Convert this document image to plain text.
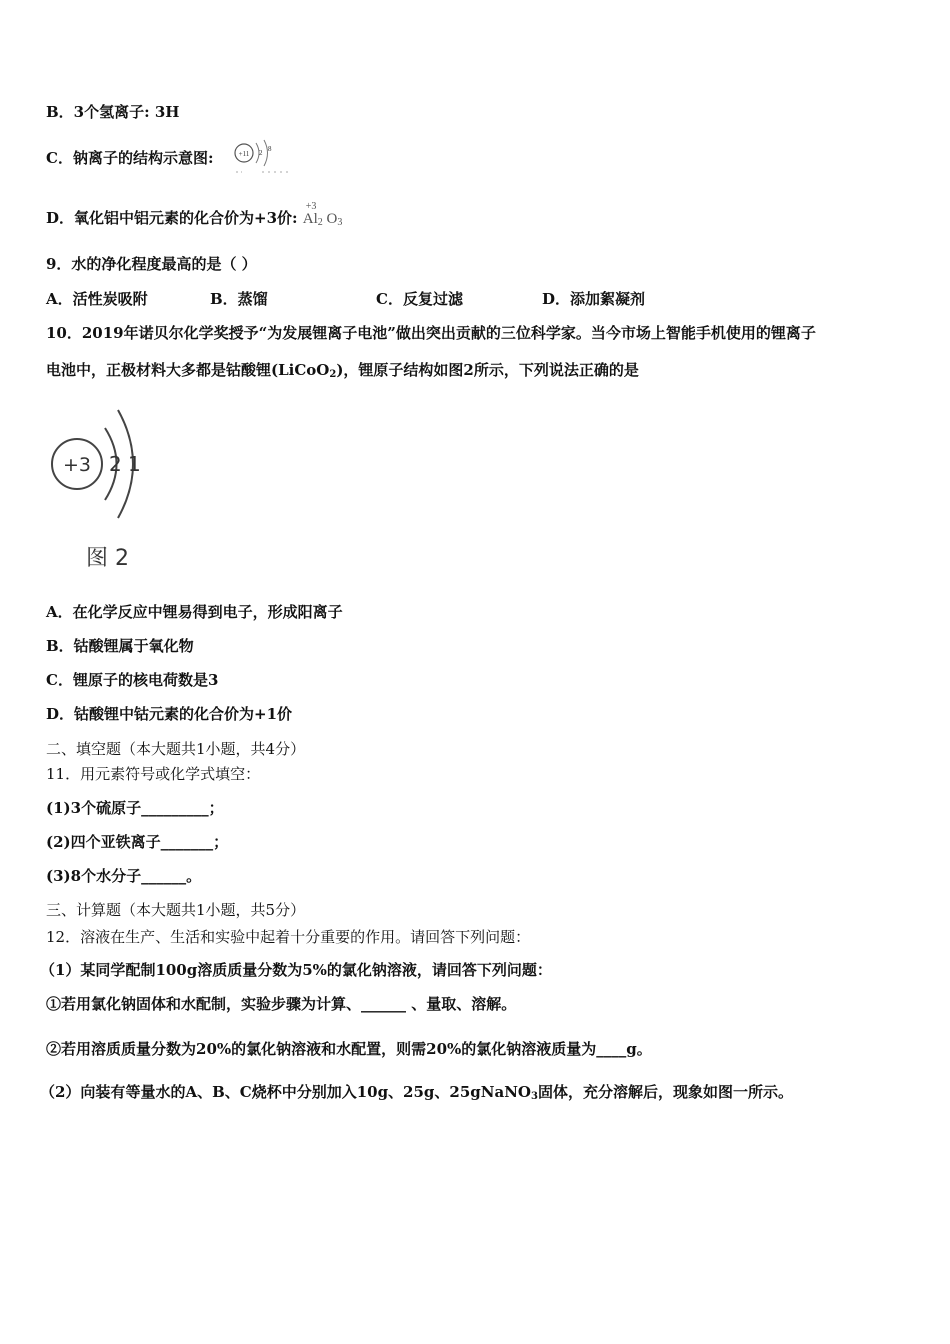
B．3个氢离子: 3H
C．钠离子的结构示意图:	+11 2 8
D．氧化铝中铝元素的化合价为+3价:
+3
$Al_2$ $O_3$
9．水的净化程度最高的是（ ）
A．活性炭吸附	B．蒸馏	C．反复过滤	D．添加絮凝剂
10．2019年诺贝尔化学奖授予“为发展锂离子电池”做出突出贡献的三位科学家。当今市场上智能手机使用的锂离子
电池中，正极材料大多都是钴酸锂(LiCoO$_2$)，锂原子结构如图2所示，下列说法正确的是
+3 2 1
图 2
A．在化学反应中锂易得到电子，形成阳离子
B．钴酸锂属于氧化物
C．锂原子的核电荷数是3
D．钴酸锂中钴元素的化合价为+1价
二、填空题（本大题共1小题，共4分）
11．用元素符号或化学式填空：
(1)3个硫原子_________；
(2)四个亚铁离子_______；
(3)8个水分子______。
三、计算题（本大题共1小题，共5分）
12．溶液在生产、生活和实验中起着十分重要的作用。请回答下列问题：
（1）某同学配制100g溶质质量分数为5%的氯化钠溶液，请回答下列问题：
①若用氯化钠固体和水配制，实验步骤为计算、______ 、量取、溶解。
②若用溶质质量分数为20%的氯化钠溶液和水配置，则需20%的氯化钠溶液质量为____g。
（2）向装有等量水的A、B、C烧杯中分别加入10g、25g、25gNaNO$_3$固体，充分溶解后，现象如图一所示。
